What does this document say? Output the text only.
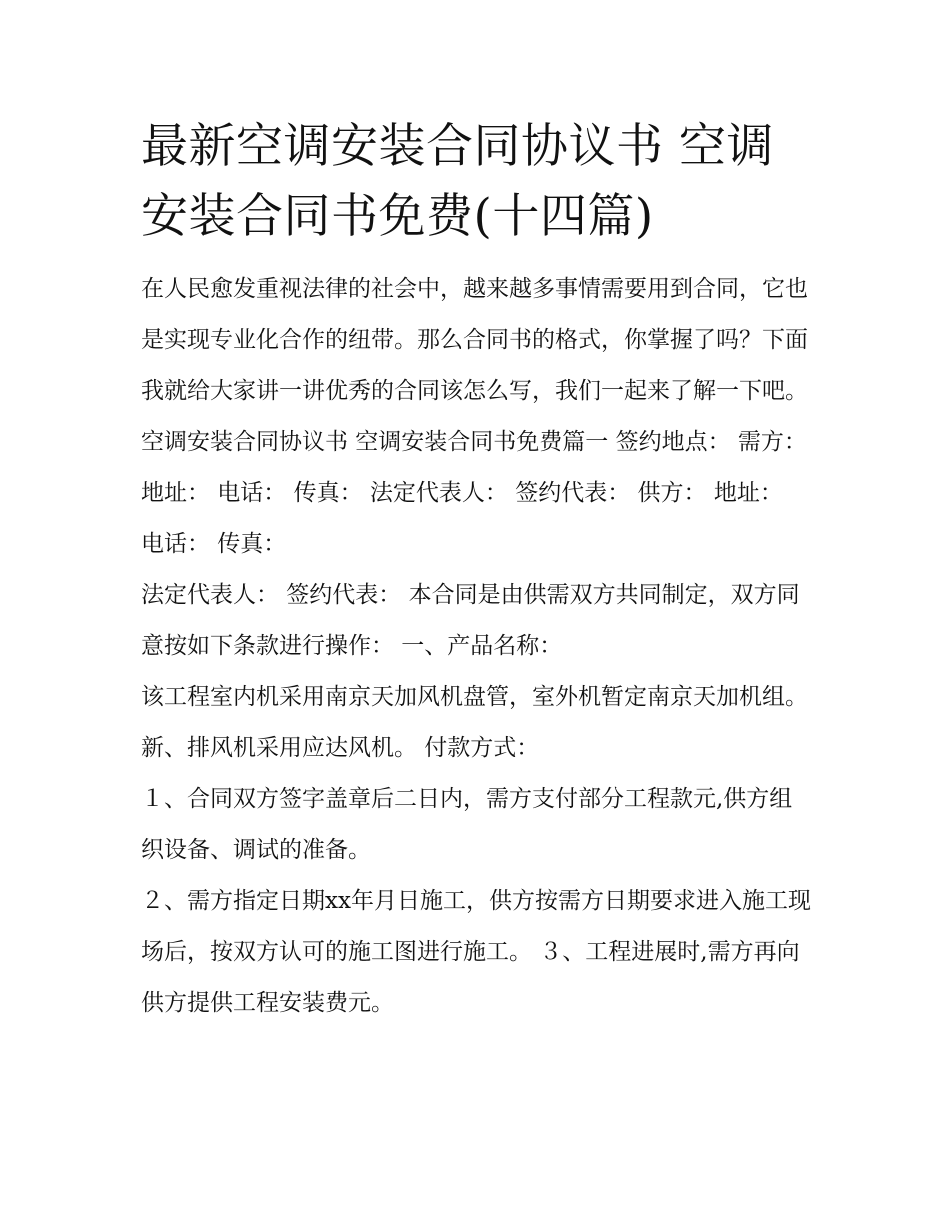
最新空调安装合同协议书 空调安装合同书免费(十四篇)

在人民愈发重视法律的社会中，越来越多事情需要用到合同，它也是实现专业化合作的纽带。那么合同书的格式，你掌握了吗？下面我就给大家讲一讲优秀的合同该怎么写，我们一起来了解一下吧。

空调安装合同协议书 空调安装合同书免费篇一 签约地点： 需方： 地址： 电话： 传真： 法定代表人： 签约代表： 供方： 地址： 电话： 传真：

法定代表人： 签约代表： 本合同是由供需双方共同制定，双方同意按如下条款进行操作： 一、产品名称：

该工程室内机采用南京天加风机盘管，室外机暂定南京天加机组。 新、排风机采用应达风机。 付款方式：

１、合同双方签字盖章后二日内，需方支付部分工程款元,供方组织设备、调试的准备。

２、需方指定日期xx年月日施工，供方按需方日期要求进入施工现场后，按双方认可的施工图进行施工。 ３、工程进展时,需方再向供方提供工程安装费元。
